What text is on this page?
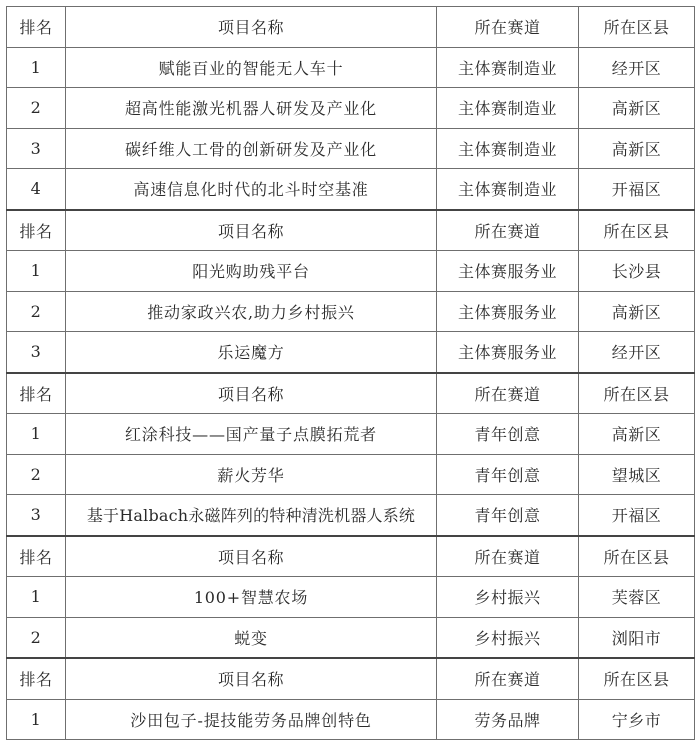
排名	项目名称	所在赛道	所在区县
1	赋能百业的智能无人车十	主体赛制造业	经开区
2	超高性能激光机器人研发及产业化	主体赛制造业	高新区
3	碳纤维人工骨的创新研发及产业化	主体赛制造业	高新区
4	高速信息化时代的北斗时空基准	主体赛制造业	开福区
排名	项目名称	所在赛道	所在区县
1	阳光购助残平台	主体赛服务业	长沙县
2	推动家政兴农,助力乡村振兴	主体赛服务业	高新区
3	乐运魔方	主体赛服务业	经开区
排名	项目名称	所在赛道	所在区县
1	红涂科技——国产量子点膜拓荒者	青年创意	高新区
2	薪火芳华	青年创意	望城区
3	基于Halbach永磁阵列的特种清洗机器人系统	青年创意	开福区
排名	项目名称	所在赛道	所在区县
1	100+智慧农场	乡村振兴	芙蓉区
2	蜕变	乡村振兴	浏阳市
排名	项目名称	所在赛道	所在区县
1	沙田包子-提技能劳务品牌创特色	劳务品牌	宁乡市
